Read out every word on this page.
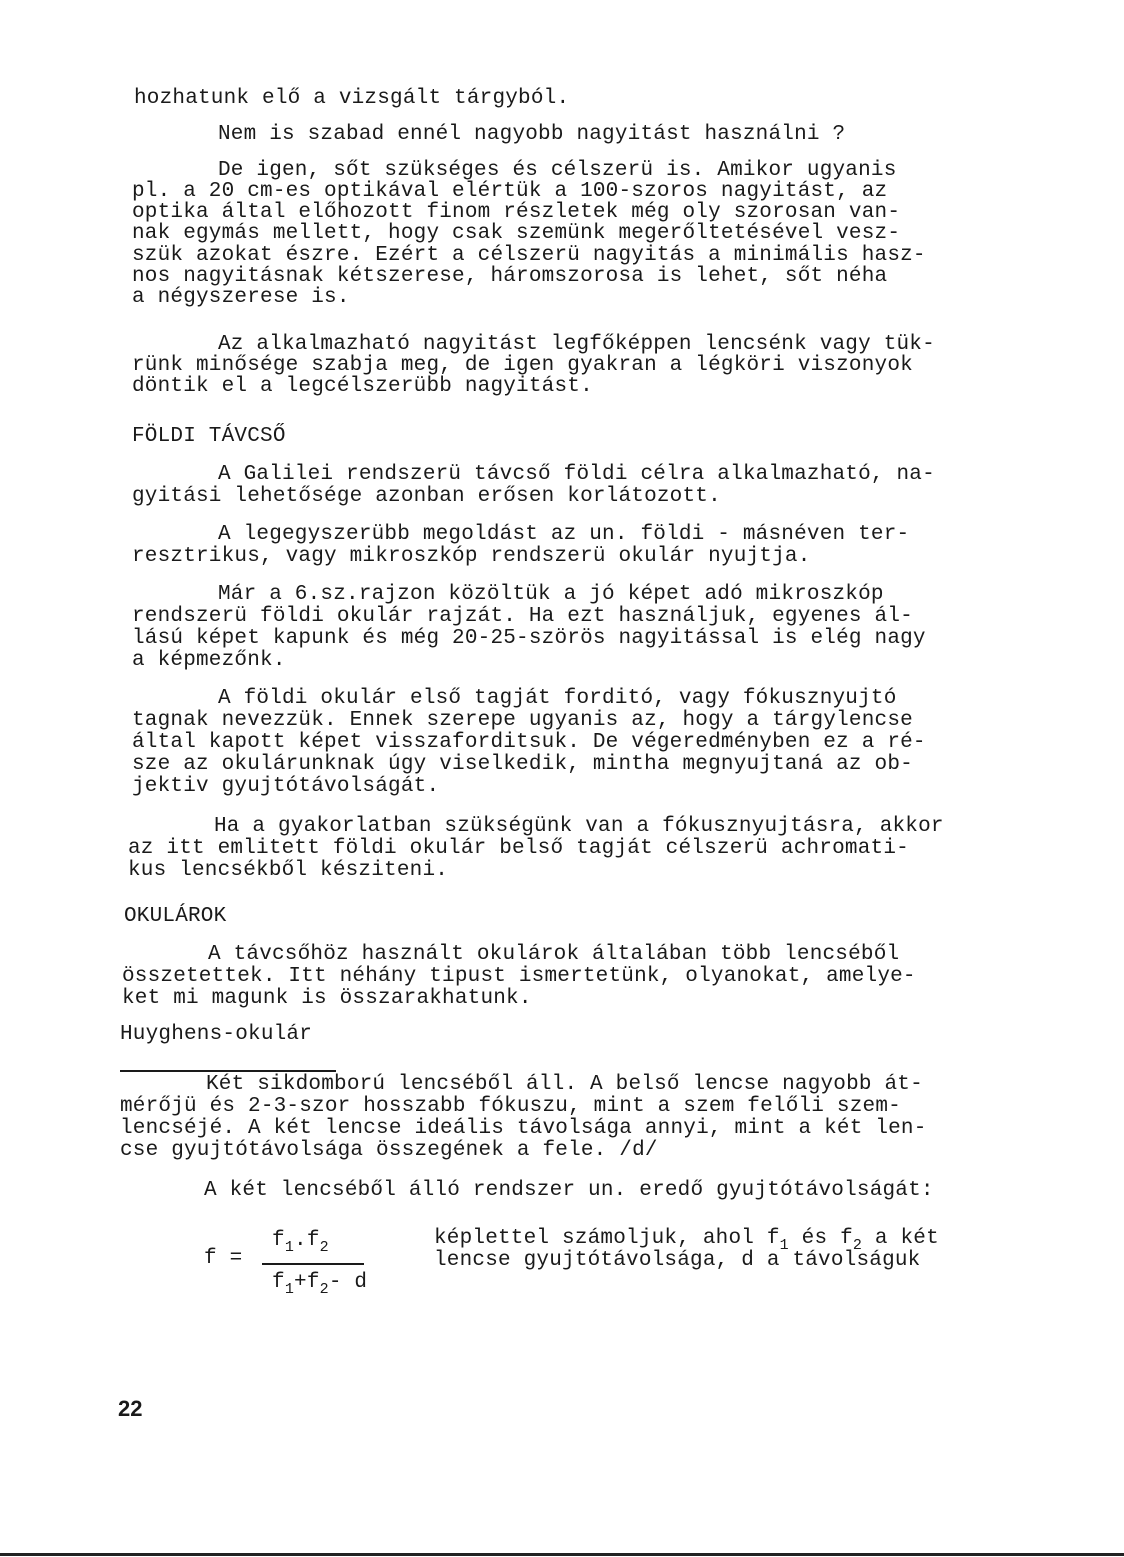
hozhatunk elő a vizsgált tárgyból.
Nem is szabad ennél nagyobb nagyitást használni ?
De igen, sőt szükséges és célszerü is. Amikor ugyanis
pl. a 20 cm-es optikával elértük a 100-szoros nagyitást, az
optika által előhozott finom részletek még oly szorosan van-
nak egymás mellett, hogy csak szemünk megerőltetésével vesz-
szük azokat észre. Ezért a célszerü nagyitás a minimális hasz-
nos nagyitásnak kétszerese, háromszorosa is lehet, sőt néha
a négyszerese is.
Az alkalmazható nagyitást legfőképpen lencsénk vagy tük-
rünk minősége szabja meg, de igen gyakran a légköri viszonyok
döntik el a legcélszerübb nagyitást.
FÖLDI TÁVCSŐ
A Galilei rendszerü távcső földi célra alkalmazható, na-
gyitási lehetősége azonban erősen korlátozott.
A legegyszerübb megoldást az un. földi - másnéven ter-
resztrikus, vagy mikroszkóp rendszerü okulár nyujtja.
Már a 6.sz.rajzon közöltük a jó képet adó mikroszkóp
rendszerü földi okulár rajzát. Ha ezt használjuk, egyenes ál-
lású képet kapunk és még 20-25-szörös nagyitással is elég nagy
a képmezőnk.
A földi okulár első tagját forditó, vagy fókusznyujtó
tagnak nevezzük. Ennek szerepe ugyanis az, hogy a tárgylencse
által kapott képet visszaforditsuk. De végeredményben ez a ré-
sze az okulárunknak úgy viselkedik, mintha megnyujtaná az ob-
jektiv gyujtótávolságát.
Ha a gyakorlatban szükségünk van a fókusznyujtásra, akkor
az itt emlitett földi okulár belső tagját célszerü achromati-
kus lencsékből késziteni.
OKULÁROK
A távcsőhöz használt okulárok általában több lencséből
összetettek. Itt néhány tipust ismertetünk, olyanokat, amelye-
ket mi magunk is összarakhatunk.
Huyghens-okulár
Két sikdomború lencséből áll. A belső lencse nagyobb át-
mérőjü és 2-3-szor hosszabb fókuszu, mint a szem felőli szem-
lencséjé. A két lencse ideális távolsága annyi, mint a két len-
cse gyujtótávolsága összegének a fele. /d/
A két lencséből álló rendszer un. eredő gyujtótávolságát:
f =
$f_1.f_2$
$f_1+f_2-$ d
képlettel számoljuk, ahol $f_1$ és $f_2$ a két
lencse gyujtótávolsága, d a távolságuk
22
